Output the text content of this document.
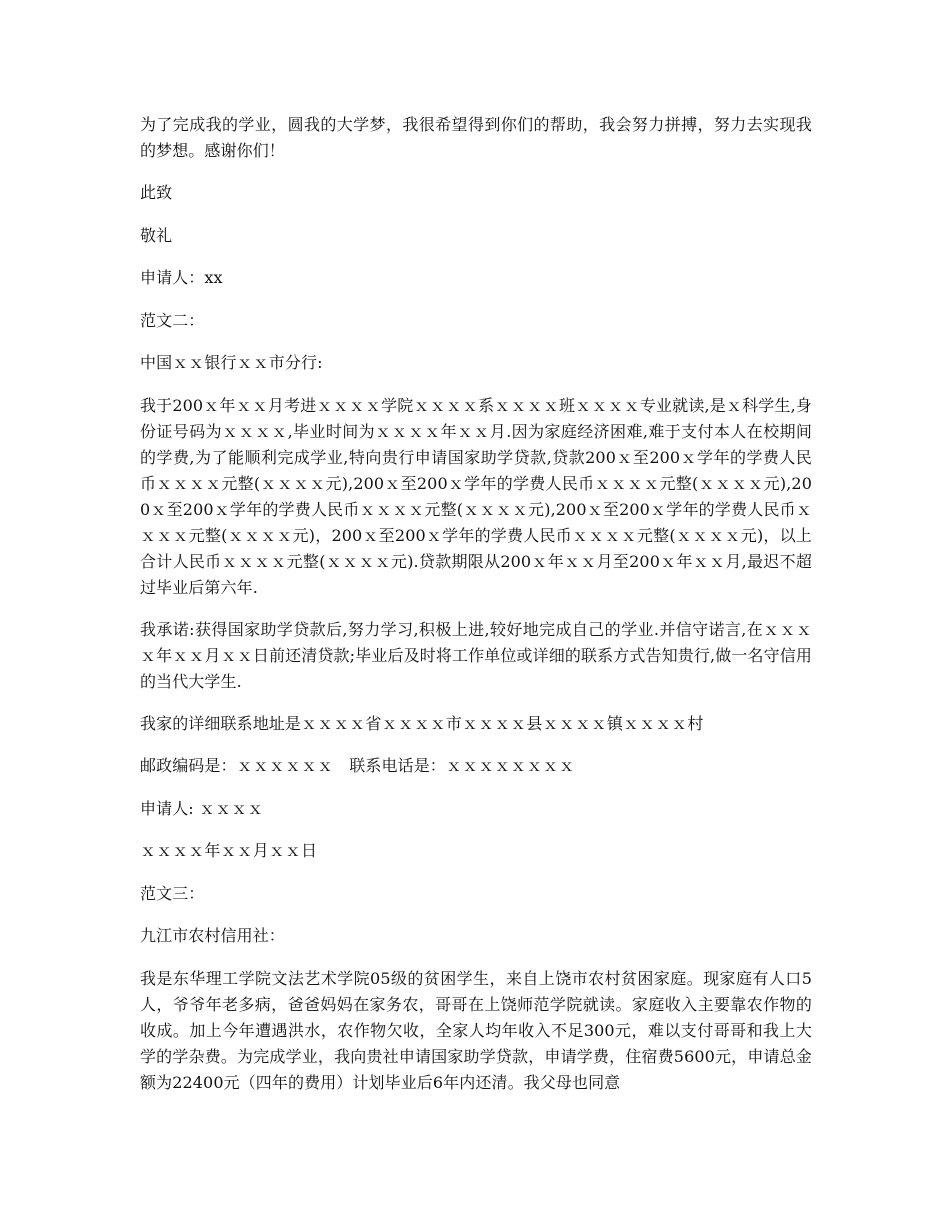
为了完成我的学业，圆我的大学梦，我很希望得到你们的帮助，我会努力拼搏，努力去实现我的梦想。感谢你们！

此致

敬礼

申请人：xx

范文二：

中国ｘｘ银行ｘｘ市分行:

我于200ｘ年ｘｘ月考进ｘｘｘｘ学院ｘｘｘｘ系ｘｘｘｘ班ｘｘｘｘ专业就读,是ｘ科学生,身份证号码为ｘｘｘｘ,毕业时间为ｘｘｘｘ年ｘｘ月.因为家庭经济困难,难于支付本人在校期间的学费,为了能顺利完成学业,特向贵行申请国家助学贷款,贷款200ｘ至200ｘ学年的学费人民币ｘｘｘｘ元整(ｘｘｘｘ元),200ｘ至200ｘ学年的学费人民币ｘｘｘｘ元整(ｘｘｘｘ元),200ｘ至200ｘ学年的学费人民币ｘｘｘｘ元整(ｘｘｘｘ元),200ｘ至200ｘ学年的学费人民币ｘｘｘｘ元整(ｘｘｘｘ元)，200ｘ至200ｘ学年的学费人民币ｘｘｘｘ元整(ｘｘｘｘ元)，以上合计人民币ｘｘｘｘ元整(ｘｘｘｘ元).贷款期限从200ｘ年ｘｘ月至200ｘ年ｘｘ月,最迟不超过毕业后第六年.

我承诺:获得国家助学贷款后,努力学习,积极上进,较好地完成自己的学业.并信守诺言,在ｘｘｘｘ年ｘｘ月ｘｘ日前还清贷款;毕业后及时将工作单位或详细的联系方式告知贵行,做一名守信用的当代大学生.

我家的详细联系地址是ｘｘｘｘ省ｘｘｘｘ市ｘｘｘｘ县ｘｘｘｘ镇ｘｘｘｘ村

邮政编码是：ｘｘｘｘｘｘ　联系电话是：ｘｘｘｘｘｘｘｘ

申请人: ｘｘｘｘ

ｘｘｘｘ年ｘｘ月ｘｘ日

范文三：

九江市农村信用社：

我是东华理工学院文法艺术学院05级的贫困学生，来自上饶市农村贫困家庭。现家庭有人口5人，爷爷年老多病，爸爸妈妈在家务农，哥哥在上饶师范学院就读。家庭收入主要靠农作物的收成。加上今年遭遇洪水，农作物欠收，全家人均年收入不足300元，难以支付哥哥和我上大学的学杂费。为完成学业，我向贵社申请国家助学贷款，申请学费，住宿费5600元，申请总金额为22400元（四年的费用）计划毕业后6年内还清。我父母也同意
